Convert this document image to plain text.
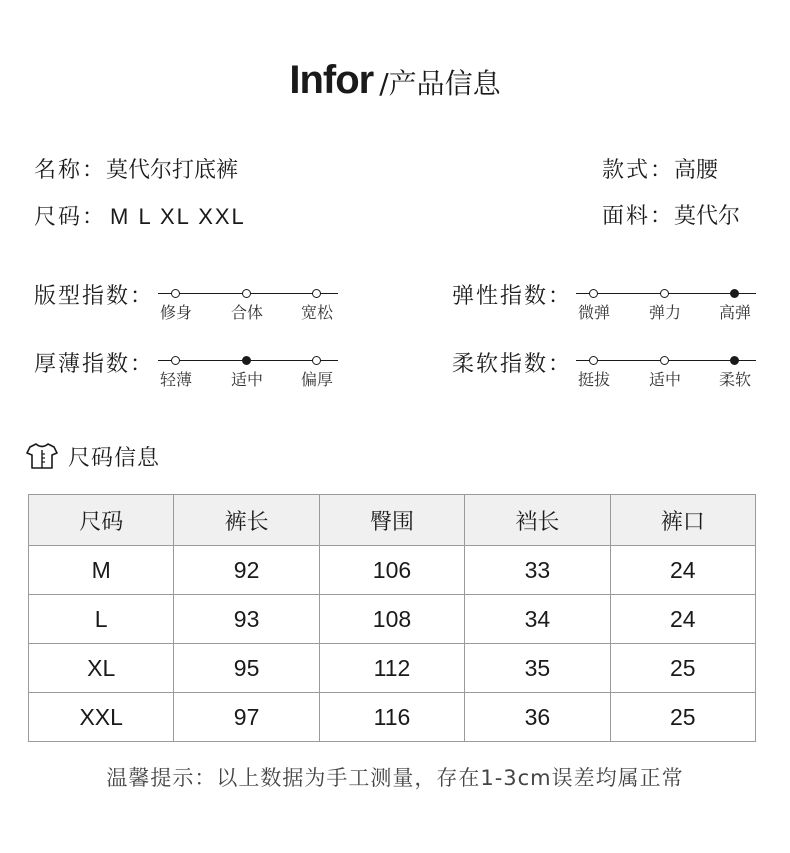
Infor /产品信息
名称：莫代尔打底裤
尺码： M L XL XXL
款式：高腰
面料：莫代尔
版型指数：
修身 合体 宽松
弹性指数：
微弹 弹力 高弹
厚薄指数：
轻薄 适中 偏厚
柔软指数：
挺拔 适中 柔软
尺码信息
尺码	裤长	臀围	裆长	裤口
M	92	106	33	24
L	93	108	34	24
XL	95	112	35	25
XXL	97	116	36	25
温馨提示：以上数据为手工测量，存在1-3cm误差均属正常
